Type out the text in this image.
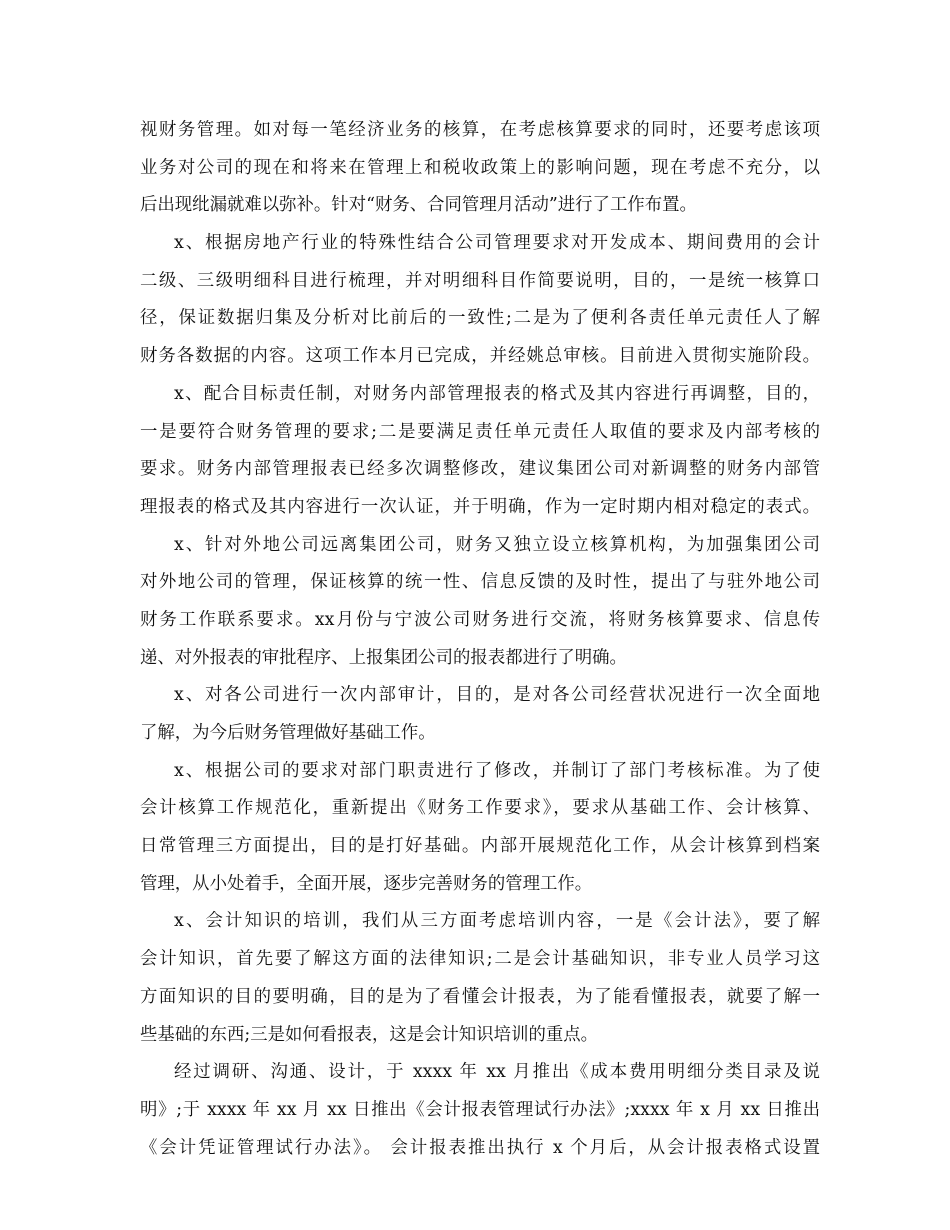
视财务管理。如对每一笔经济业务的核算，在考虑核算要求的同时，还要考虑该项
业务对公司的现在和将来在管理上和税收政策上的影响问题，现在考虑不充分，以
后出现纰漏就难以弥补。针对“财务、合同管理月活动”进行了工作布置。
x、根据房地产行业的特殊性结合公司管理要求对开发成本、期间费用的会计
二级、三级明细科目进行梳理，并对明细科目作简要说明，目的，一是统一核算口
径，保证数据归集及分析对比前后的一致性;二是为了便利各责任单元责任人了解
财务各数据的内容。这项工作本月已完成，并经姚总审核。目前进入贯彻实施阶段。
x、配合目标责任制，对财务内部管理报表的格式及其内容进行再调整，目的，
一是要符合财务管理的要求;二是要满足责任单元责任人取值的要求及内部考核的
要求。财务内部管理报表已经多次调整修改，建议集团公司对新调整的财务内部管
理报表的格式及其内容进行一次认证，并于明确，作为一定时期内相对稳定的表式。
x、针对外地公司远离集团公司，财务又独立设立核算机构，为加强集团公司
对外地公司的管理，保证核算的统一性、信息反馈的及时性，提出了与驻外地公司
财务工作联系要求。xx月份与宁波公司财务进行交流，将财务核算要求、信息传
递、对外报表的审批程序、上报集团公司的报表都进行了明确。
x、对各公司进行一次内部审计，目的，是对各公司经营状况进行一次全面地
了解，为今后财务管理做好基础工作。
x、根据公司的要求对部门职责进行了修改，并制订了部门考核标准。为了使
会计核算工作规范化，重新提出《财务工作要求》，要求从基础工作、会计核算、
日常管理三方面提出，目的是打好基础。内部开展规范化工作，从会计核算到档案
管理，从小处着手，全面开展，逐步完善财务的管理工作。
x、会计知识的培训，我们从三方面考虑培训内容，一是《会计法》，要了解
会计知识，首先要了解这方面的法律知识;二是会计基础知识，非专业人员学习这
方面知识的目的要明确，目的是为了看懂会计报表，为了能看懂报表，就要了解一
些基础的东西;三是如何看报表，这是会计知识培训的重点。
经过调研、沟通、设计，于 xxxx 年 xx 月推出《成本费用明细分类目录及说
明》;于 xxxx 年 xx 月 xx 日推出《会计报表管理试行办法》;xxxx 年 x 月 xx 日推出
《会计凭证管理试行办法》。 会计报表推出执行 x 个月后，从会计报表格式设置
